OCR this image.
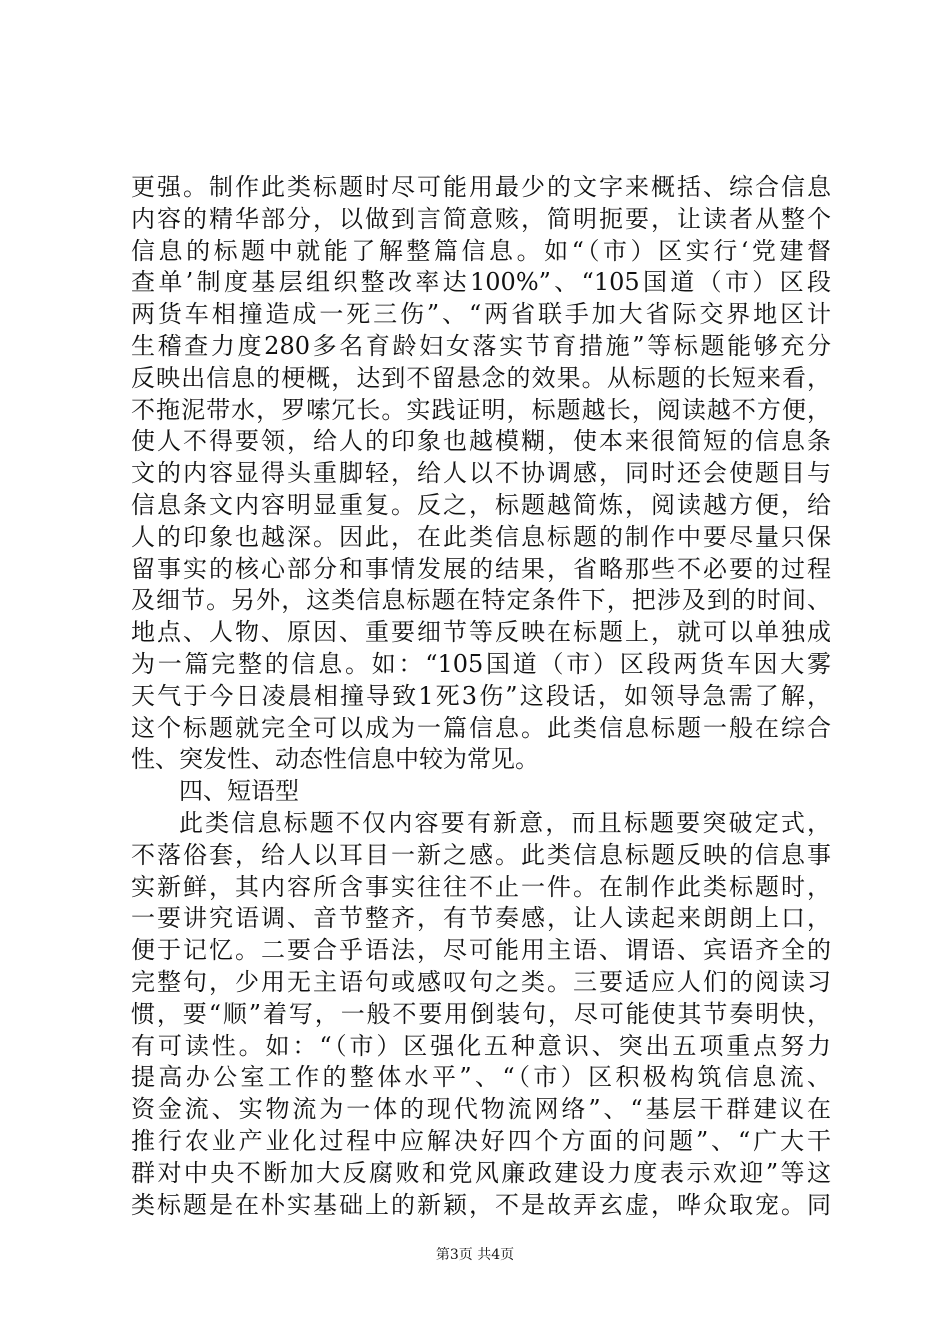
更强。制作此类标题时尽可能用最少的文字来概括、综合信息
内容的精华部分，以做到言简意赅，简明扼要，让读者从整个
信息的标题中就能了解整篇信息。如“（市）区实行‘党建督
查单’制度基层组织整改率达100%”、“105国道（市）区段
两货车相撞造成一死三伤”、“两省联手加大省际交界地区计
生稽查力度280多名育龄妇女落实节育措施”等标题能够充分
反映出信息的梗概，达到不留悬念的效果。从标题的长短来看，
不拖泥带水，罗嗦冗长。实践证明，标题越长，阅读越不方便，
使人不得要领，给人的印象也越模糊，使本来很简短的信息条
文的内容显得头重脚轻，给人以不协调感，同时还会使题目与
信息条文内容明显重复。反之，标题越简炼，阅读越方便，给
人的印象也越深。因此，在此类信息标题的制作中要尽量只保
留事实的核心部分和事情发展的结果，省略那些不必要的过程
及细节。另外，这类信息标题在特定条件下，把涉及到的时间、
地点、人物、原因、重要细节等反映在标题上，就可以单独成
为一篇完整的信息。如：“105国道（市）区段两货车因大雾
天气于今日凌晨相撞导致1死3伤”这段话，如领导急需了解，
这个标题就完全可以成为一篇信息。此类信息标题一般在综合
性、突发性、动态性信息中较为常见。
四、短语型
此类信息标题不仅内容要有新意，而且标题要突破定式，
不落俗套，给人以耳目一新之感。此类信息标题反映的信息事
实新鲜，其内容所含事实往往不止一件。在制作此类标题时，
一要讲究语调、音节整齐，有节奏感，让人读起来朗朗上口，
便于记忆。二要合乎语法，尽可能用主语、谓语、宾语齐全的
完整句，少用无主语句或感叹句之类。三要适应人们的阅读习
惯，要“顺”着写，一般不要用倒装句，尽可能使其节奏明快，
有可读性。如：“（市）区强化五种意识、突出五项重点努力
提高办公室工作的整体水平”、“（市）区积极构筑信息流、
资金流、实物流为一体的现代物流网络”、“基层干群建议在
推行农业产业化过程中应解决好四个方面的问题”、“广大干
群对中央不断加大反腐败和党风廉政建设力度表示欢迎”等这
类标题是在朴实基础上的新颖，不是故弄玄虚，哗众取宠。同
第3页 共4页
